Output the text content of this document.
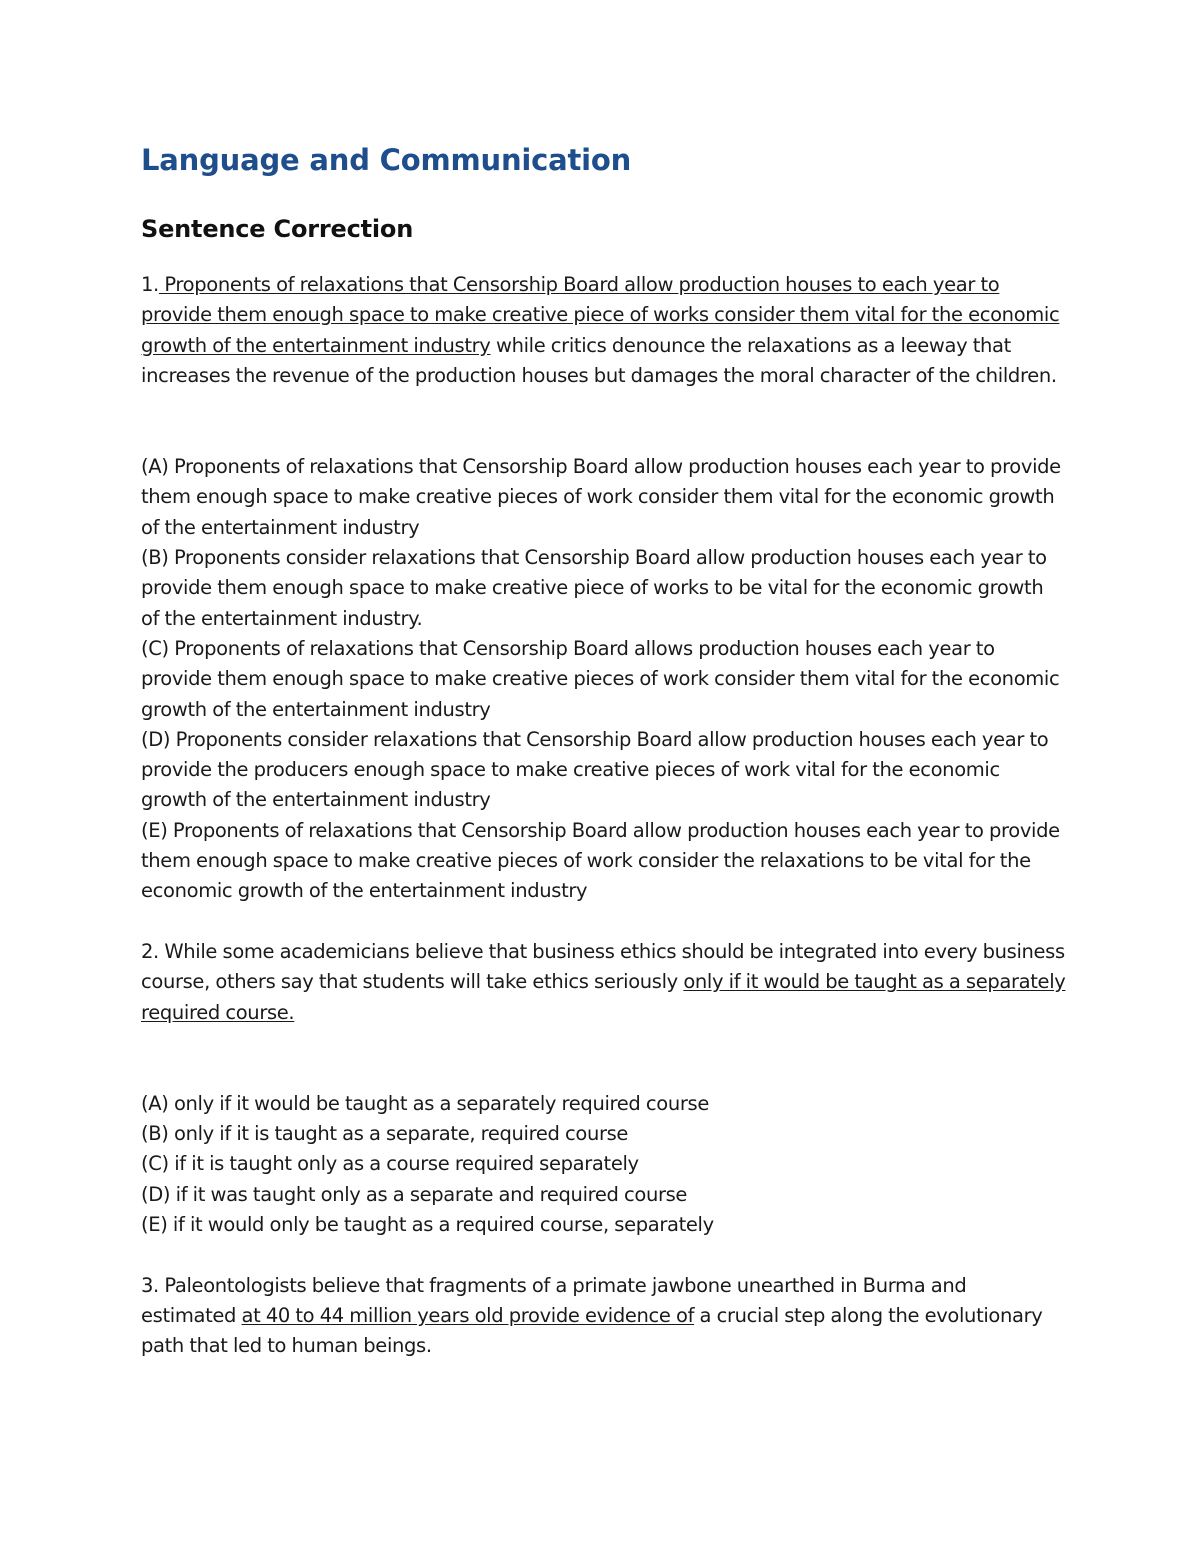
Language and Communication
Sentence Correction

1. Proponents of relaxations that Censorship Board allow production houses to each year to provide them enough space to make creative piece of works consider them vital for the economic growth of the entertainment industry while critics denounce the relaxations as a leeway that increases the revenue of the production houses but damages the moral character of the children.

(A) Proponents of relaxations that Censorship Board allow production houses each year to provide them enough space to make creative pieces of work consider them vital for the economic growth of the entertainment industry

(B) Proponents consider relaxations that Censorship Board allow production houses each year to provide them enough space to make creative piece of works to be vital for the economic growth of the entertainment industry.

(C) Proponents of relaxations that Censorship Board allows production houses each year to provide them enough space to make creative pieces of work consider them vital for the economic growth of the entertainment industry

(D) Proponents consider relaxations that Censorship Board allow production houses each year to provide the producers enough space to make creative pieces of work vital for the economic growth of the entertainment industry

(E) Proponents of relaxations that Censorship Board allow production houses each year to provide them enough space to make creative pieces of work consider the relaxations to be vital for the economic growth of the entertainment industry

2. While some academicians believe that business ethics should be integrated into every business course, others say that students will take ethics seriously only if it would be taught as a separately required course.

(A) only if it would be taught as a separately required course

(B) only if it is taught as a separate, required course

(C) if it is taught only as a course required separately

(D) if it was taught only as a separate and required course

(E) if it would only be taught as a required course, separately

3. Paleontologists believe that fragments of a primate jawbone unearthed in Burma and estimated at 40 to 44 million years old provide evidence of a crucial step along the evolutionary path that led to human beings.
